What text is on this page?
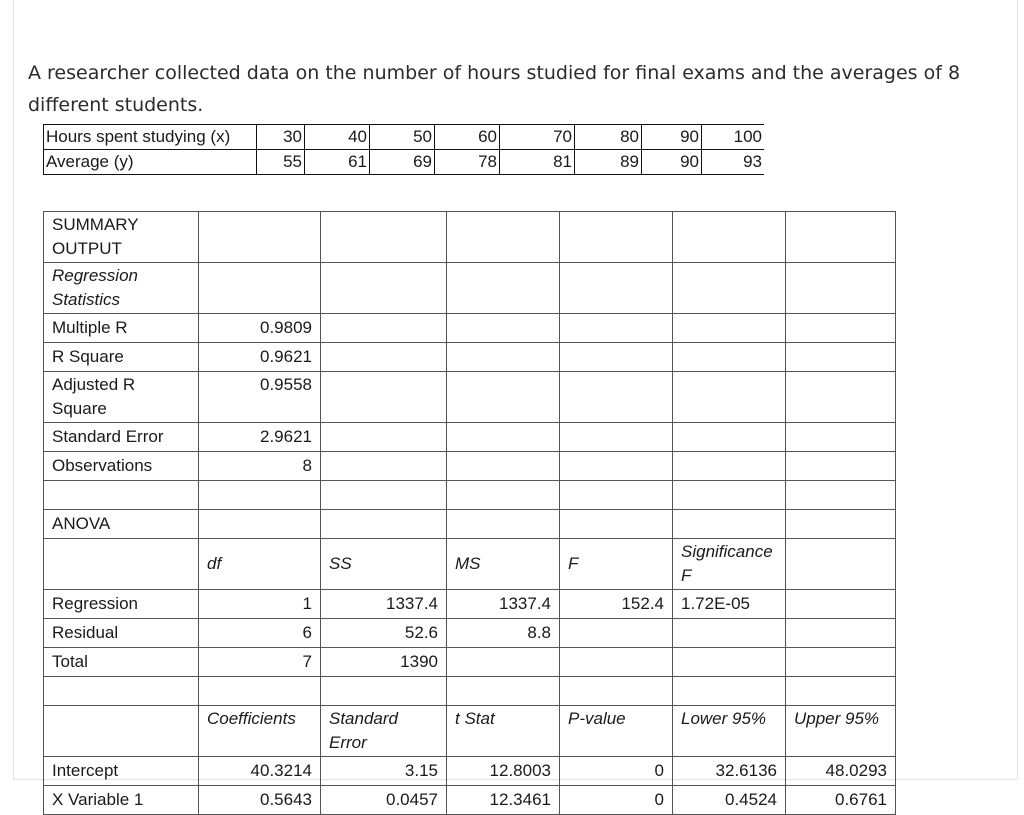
A researcher collected data on the number of hours studied for final exams and the averages of 8 different students.

Hours spent studying (x)	30	40	50	60	70	80	90	100
Average (y)	55	61	69	78	81	89	90	93
SUMMARY OUTPUT						
Regression Statistics						
Multiple R	0.9809					
R Square	0.9621					
Adjusted R Square	0.9558					
Standard Error	2.9621					
Observations	8					

ANOVA						
	df	SS	MS	F	Significance F	
Regression	1	1337.4	1337.4	152.4	1.72E-05	
Residual	6	52.6	8.8			
Total	7	1390				

	Coefficients	Standard Error	t Stat	P-value	Lower 95%	Upper 95%
Intercept	40.3214	3.15	12.8003	0	32.6136	48.0293
X Variable 1	0.5643	0.0457	12.3461	0	0.4524	0.6761
